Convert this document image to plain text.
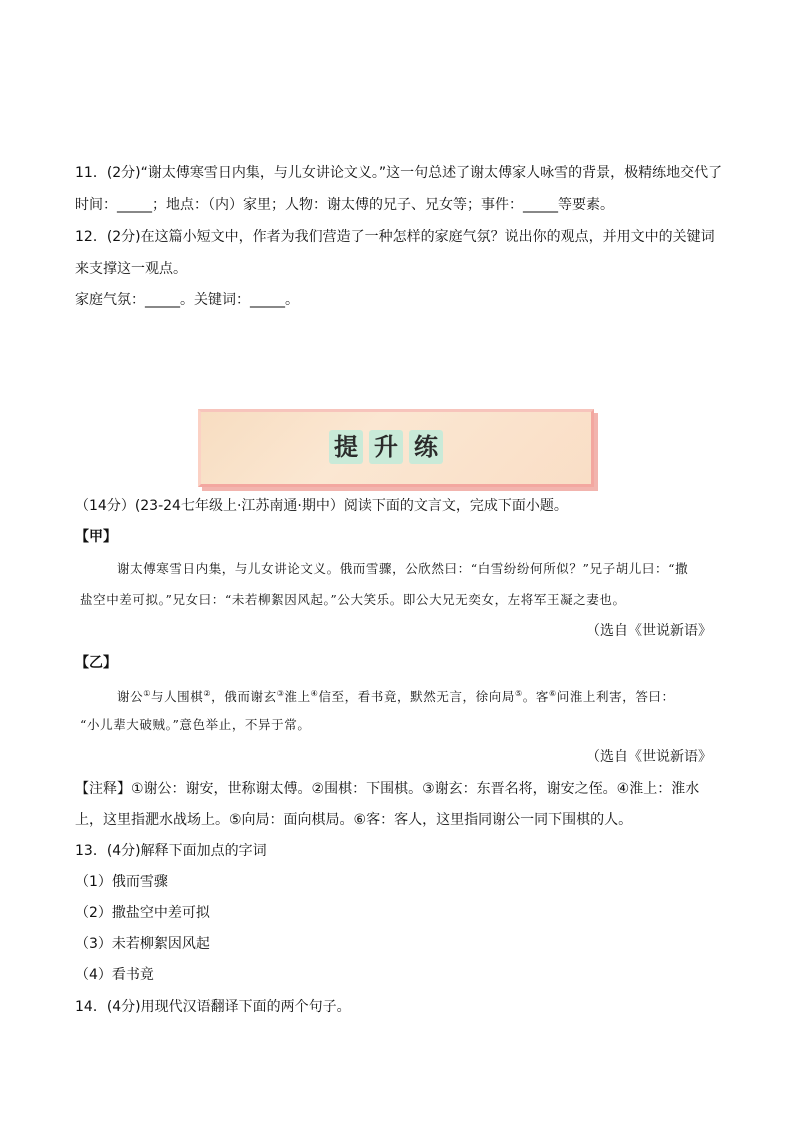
11．(2分)“谢太傅寒雪日内集，与儿女讲论文义。”这一句总述了谢太傅家人咏雪的背景，极精练地交代了
时间：_____；地点：（内）家里；人物：谢太傅的兄子、兄女等；事件：_____等要素。
12．(2分)在这篇小短文中，作者为我们营造了一种怎样的家庭气氛？说出你的观点，并用文中的关键词
来支撑这一观点。
家庭气氛：_____。关键词：_____。
提 升 练
（14分）(23-24七年级上·江苏南通·期中）阅读下面的文言文，完成下面小题。
【甲】
谢太傅寒雪日内集，与儿女讲论文义。俄而雪骤，公欣然曰：“白雪纷纷何所似？”兄子胡儿曰：“撒
盐空中差可拟。”兄女曰：“未若柳絮因风起。”公大笑乐。即公大兄无奕女，左将军王凝之妻也。
（选自《世说新语》
【乙】
谢公①与人围棋②，俄而谢玄③淮上④信至，看书竟，默然无言，徐向局⑤。客⑥问淮上利害，答曰：
“小儿辈大破贼。”意色举止，不异于常。
（选自《世说新语》
【注释】①谢公：谢安，世称谢太傅。②围棋：下围棋。③谢玄：东晋名将，谢安之侄。④淮上：淮水
上，这里指淝水战场上。⑤向局：面向棋局。⑥客：客人，这里指同谢公一同下围棋的人。
13．(4分)解释下面加点的字词
（1）俄而雪骤
（2）撒盐空中差可拟
（3）未若柳絮因风起
（4）看书竟
14．(4分)用现代汉语翻译下面的两个句子。
